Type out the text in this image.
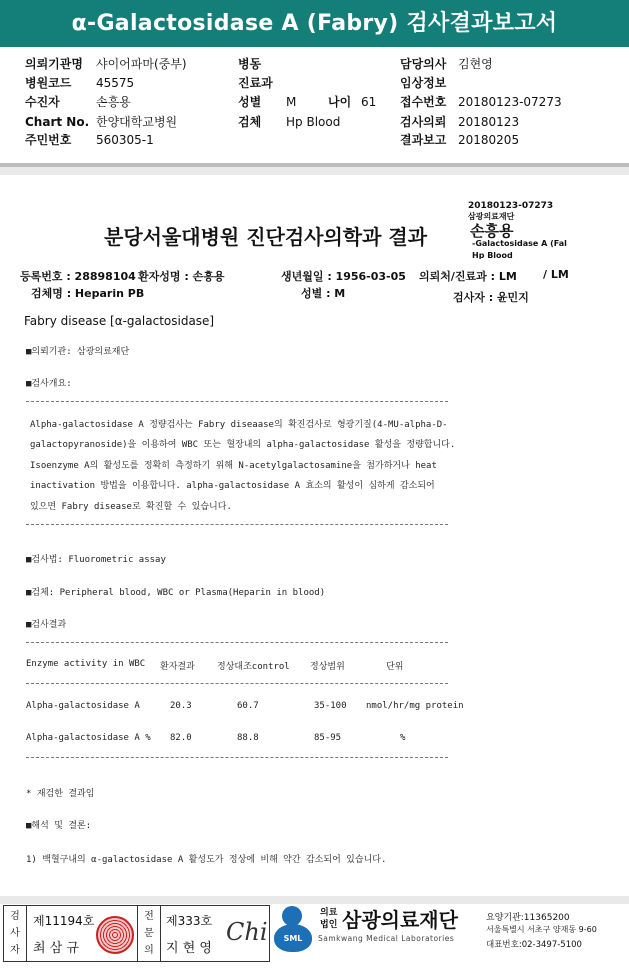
α-Galactosidase A (Fabry) 검사결과보고서
의뢰기관명 샤이어파마(중부)
병원코드 45575
수진자	손흥용
Chart No. 한양대학교병원
주민번호 560305-1
병동
진료과
성별 M	나이 61
검체 Hp Blood
담당의사 김현영
임상정보
접수번호 20180123-07273
검사의뢰 20180123
결과보고 20180205
20180123-07273
삼광의료재단
손흥용
-Galactosidase A (Fal
Hp Blood
분당서울대병원 진단검사의학과 결과
등록번호 : 28898104 환자성명 : 손흥용	생년월일 : 1956-03-05 의뢰처/진료과 : LM / LM
검체명 : Heparin PB	성별 : M	검사자 : 윤민지
Fabry disease [α-galactosidase]
■의뢰기관: 삼광의료재단
■검사개요:
Alpha-galactosidase A 정량검사는 Fabry diseaase의 확진검사로 형광기질(4-MU-alpha-D-
galactopyranoside)을 이용하여 WBC 또는 혈장내의 alpha-galactosidase 활성을 정량합니다.
Isoenzyme A의 활성도를 정확히 측정하기 위해 N-acetylgalactosamine을 첨가하거나 heat
inactivation 방법을 이용합니다. alpha-galactosidase A 효소의 활성이 심하게 감소되어
있으면 Fabry disease로 확진할 수 있습니다.
■검사법: Fluorometric assay
■검체: Peripheral blood, WBC or Plasma(Heparin in blood)
■검사결과
Enzyme activity in WBC 환자결과 정상대조control 정상범위	단위
Alpha-galactosidase A	20.3	60.7	35-100 nmol/hr/mg protein
Alpha-galactosidase A % 82.0	88.8	85-95	%
* 재검한 결과임
■해석 및 결론:
1) 백혈구내의 α-galactosidase A 활성도가 정상에 비해 약간 감소되어 있습니다.
검사자
제11194호
최 삼 규
전문의
제333호
지 현 영
Chi	SML
의료
법인 삼광의료재단
Samkwang Medical Laboratories
요양기관:11365200
서울특별시 서초구 양재동 9-60
대표번호:02-3497-5100
